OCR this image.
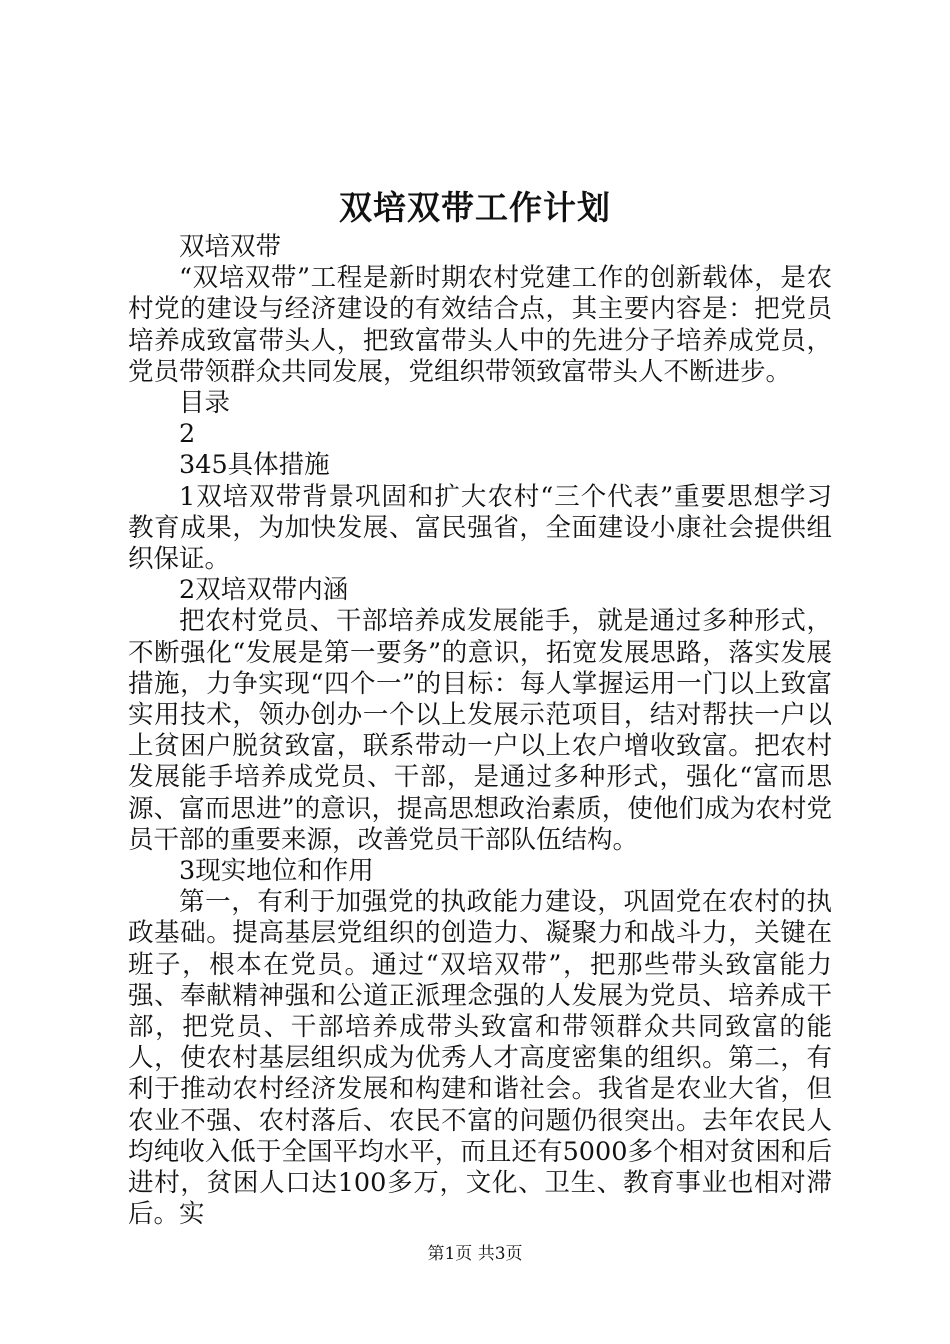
双培双带工作计划

双培双带

“双培双带”工程是新时期农村党建工作的创新载体，是农村党的建设与经济建设的有效结合点，其主要内容是：把党员培养成致富带头人，把致富带头人中的先进分子培养成党员，党员带领群众共同发展，党组织带领致富带头人不断进步。

目录

2

345具体措施

1双培双带背景巩固和扩大农村“三个代表”重要思想学习教育成果，为加快发展、富民强省，全面建设小康社会提供组织保证。

2双培双带内涵

把农村党员、干部培养成发展能手，就是通过多种形式，不断强化“发展是第一要务”的意识，拓宽发展思路，落实发展措施，力争实现“四个一”的目标：每人掌握运用一门以上致富实用技术，领办创办一个以上发展示范项目，结对帮扶一户以上贫困户脱贫致富，联系带动一户以上农户增收致富。把农村发展能手培养成党员、干部，是通过多种形式，强化“富而思源、富而思进”的意识，提高思想政治素质，使他们成为农村党员干部的重要来源，改善党员干部队伍结构。

3现实地位和作用

第一，有利于加强党的执政能力建设，巩固党在农村的执政基础。提高基层党组织的创造力、凝聚力和战斗力，关键在班子，根本在党员。通过“双培双带”，把那些带头致富能力强、奉献精神强和公道正派理念强的人发展为党员、培养成干部，把党员、干部培养成带头致富和带领群众共同致富的能人，使农村基层组织成为优秀人才高度密集的组织。第二，有利于推动农村经济发展和构建和谐社会。我省是农业大省，但农业不强、农村落后、农民不富的问题仍很突出。去年农民人均纯收入低于全国平均水平，而且还有5000多个相对贫困和后进村，贫困人口达100多万，文化、卫生、教育事业也相对滞后。实

第1页 共3页
